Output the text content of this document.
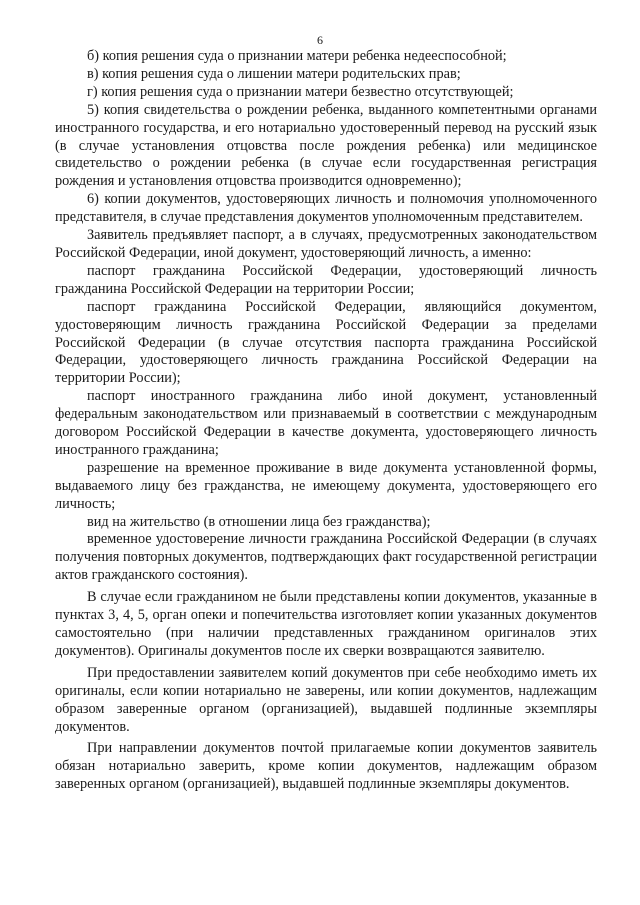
6

б) копия решения суда о признании матери ребенка недееспособной;

в) копия решения суда о лишении матери родительских прав;

г) копия решения суда о признании матери безвестно отсутствующей;

5) копия свидетельства о рождении ребенка, выданного компетентными органами иностранного государства, и его нотариально удостоверенный перевод на русский язык (в случае установления отцовства после рождения ребенка) или медицинское свидетельство о рождении ребенка (в случае если государственная регистрация рождения и установления отцовства производится одновременно);

6) копии документов, удостоверяющих личность и полномочия уполномоченного представителя, в случае представления документов уполномоченным представителем.

Заявитель предъявляет паспорт, а в случаях, предусмотренных законодательством Российской Федерации, иной документ, удостоверяющий личность, а именно:

паспорт гражданина Российской Федерации, удостоверяющий личность гражданина Российской Федерации на территории России;

паспорт гражданина Российской Федерации, являющийся документом, удостоверяющим личность гражданина Российской Федерации за пределами Российской Федерации (в случае отсутствия паспорта гражданина Российской Федерации, удостоверяющего личность гражданина Российской Федерации на территории России);

паспорт иностранного гражданина либо иной документ, установленный федеральным законодательством или признаваемый в соответствии с международным договором Российской Федерации в качестве документа, удостоверяющего личность иностранного гражданина;

разрешение на временное проживание в виде документа установленной формы, выдаваемого лицу без гражданства, не имеющему документа, удостоверяющего его личность;

вид на жительство (в отношении лица без гражданства);

временное удостоверение личности гражданина Российской Федерации (в случаях получения повторных документов, подтверждающих факт государственной регистрации актов гражданского состояния).

В случае если гражданином не были представлены копии документов, указанные в пунктах 3, 4, 5, орган опеки и попечительства изготовляет копии указанных документов самостоятельно (при наличии представленных гражданином оригиналов этих документов). Оригиналы документов после их сверки возвращаются заявителю.

При предоставлении заявителем копий документов при себе необходимо иметь их оригиналы, если копии нотариально не заверены, или копии документов, надлежащим образом заверенные органом (организацией), выдавшей подлинные экземпляры документов.

При направлении документов почтой прилагаемые копии документов заявитель обязан нотариально заверить, кроме копии документов, надлежащим образом заверенных органом (организацией), выдавшей подлинные экземпляры документов.
